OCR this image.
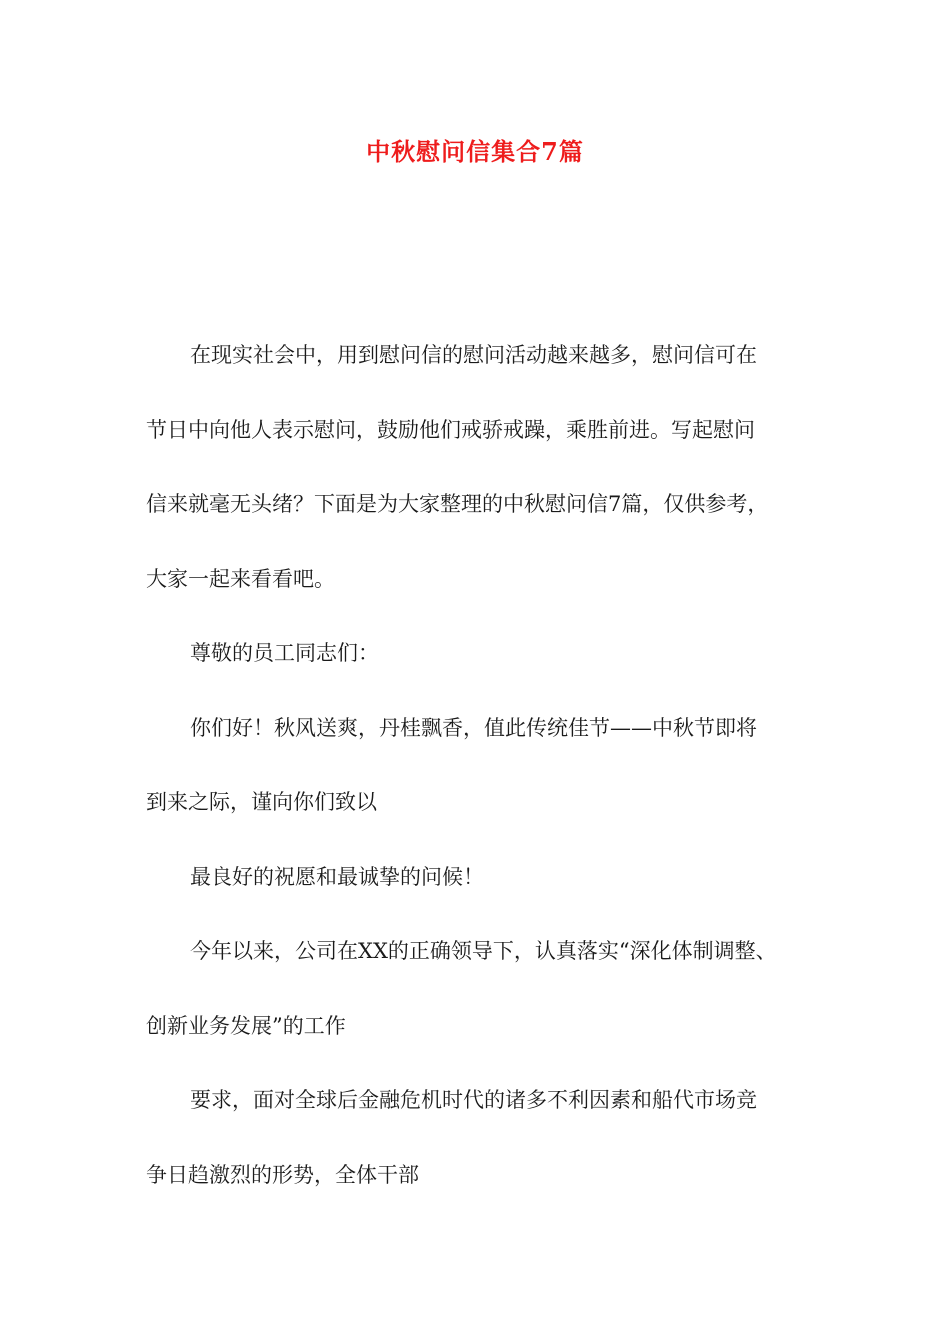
中秋慰问信集合7篇

在现实社会中，用到慰问信的慰问活动越来越多，慰问信可在

节日中向他人表示慰问，鼓励他们戒骄戒躁，乘胜前进。写起慰问

信来就毫无头绪？下面是为大家整理的中秋慰问信7篇，仅供参考，

大家一起来看看吧。

尊敬的员工同志们：

你们好！秋风送爽，丹桂飘香，值此传统佳节——中秋节即将

到来之际，谨向你们致以

最良好的祝愿和最诚挚的问候！

今年以来，公司在XX的正确领导下，认真落实“深化体制调整、

创新业务发展”的工作

要求，面对全球后金融危机时代的诸多不利因素和船代市场竞

争日趋激烈的形势，全体干部
